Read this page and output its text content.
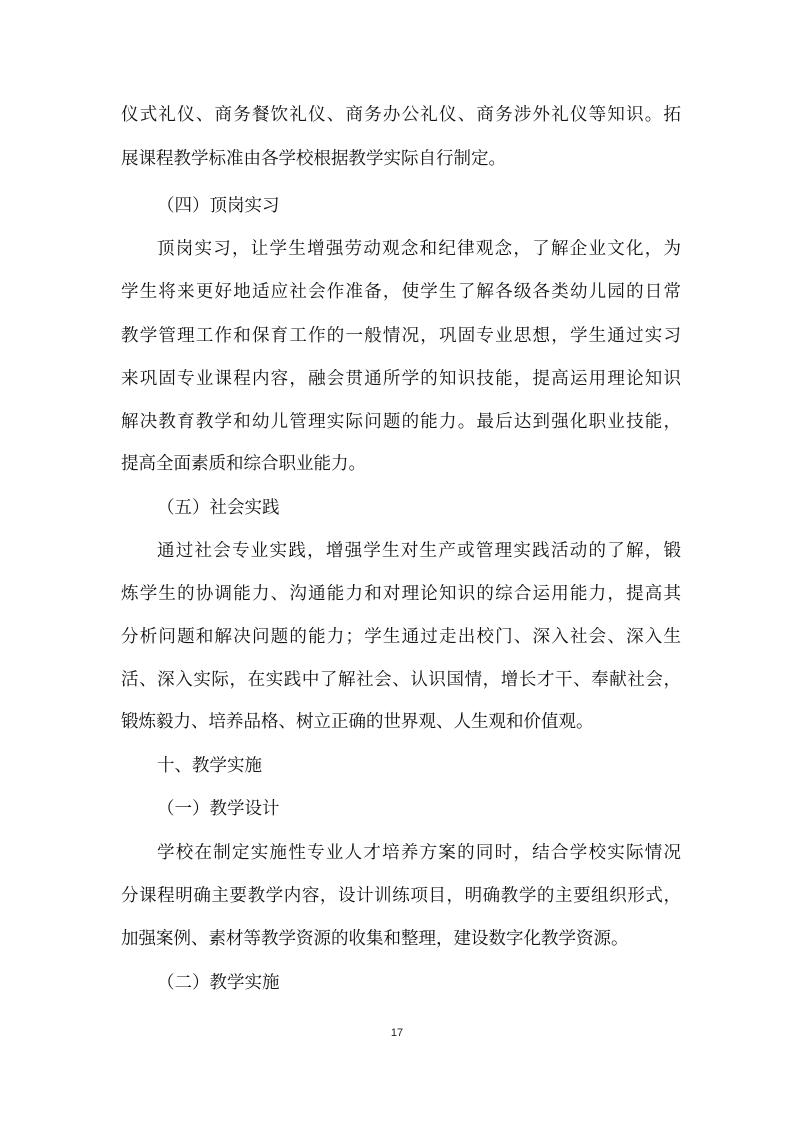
仪式礼仪、商务餐饮礼仪、商务办公礼仪、商务涉外礼仪等知识。拓
展课程教学标准由各学校根据教学实际自行制定。
（四）顶岗实习
顶岗实习，让学生增强劳动观念和纪律观念，了解企业文化，为
学生将来更好地适应社会作准备，使学生了解各级各类幼儿园的日常
教学管理工作和保育工作的一般情况，巩固专业思想，学生通过实习
来巩固专业课程内容，融会贯通所学的知识技能，提高运用理论知识
解决教育教学和幼儿管理实际问题的能力。最后达到强化职业技能，
提高全面素质和综合职业能力。
（五）社会实践
通过社会专业实践，增强学生对生产或管理实践活动的了解，锻
炼学生的协调能力、沟通能力和对理论知识的综合运用能力，提高其
分析问题和解决问题的能力；学生通过走出校门、深入社会、深入生
活、深入实际，在实践中了解社会、认识国情，增长才干、奉献社会，
锻炼毅力、培养品格、树立正确的世界观、人生观和价值观。
十、教学实施
（一）教学设计
学校在制定实施性专业人才培养方案的同时，结合学校实际情况
分课程明确主要教学内容，设计训练项目，明确教学的主要组织形式，
加强案例、素材等教学资源的收集和整理，建设数字化教学资源。
（二）教学实施
17
